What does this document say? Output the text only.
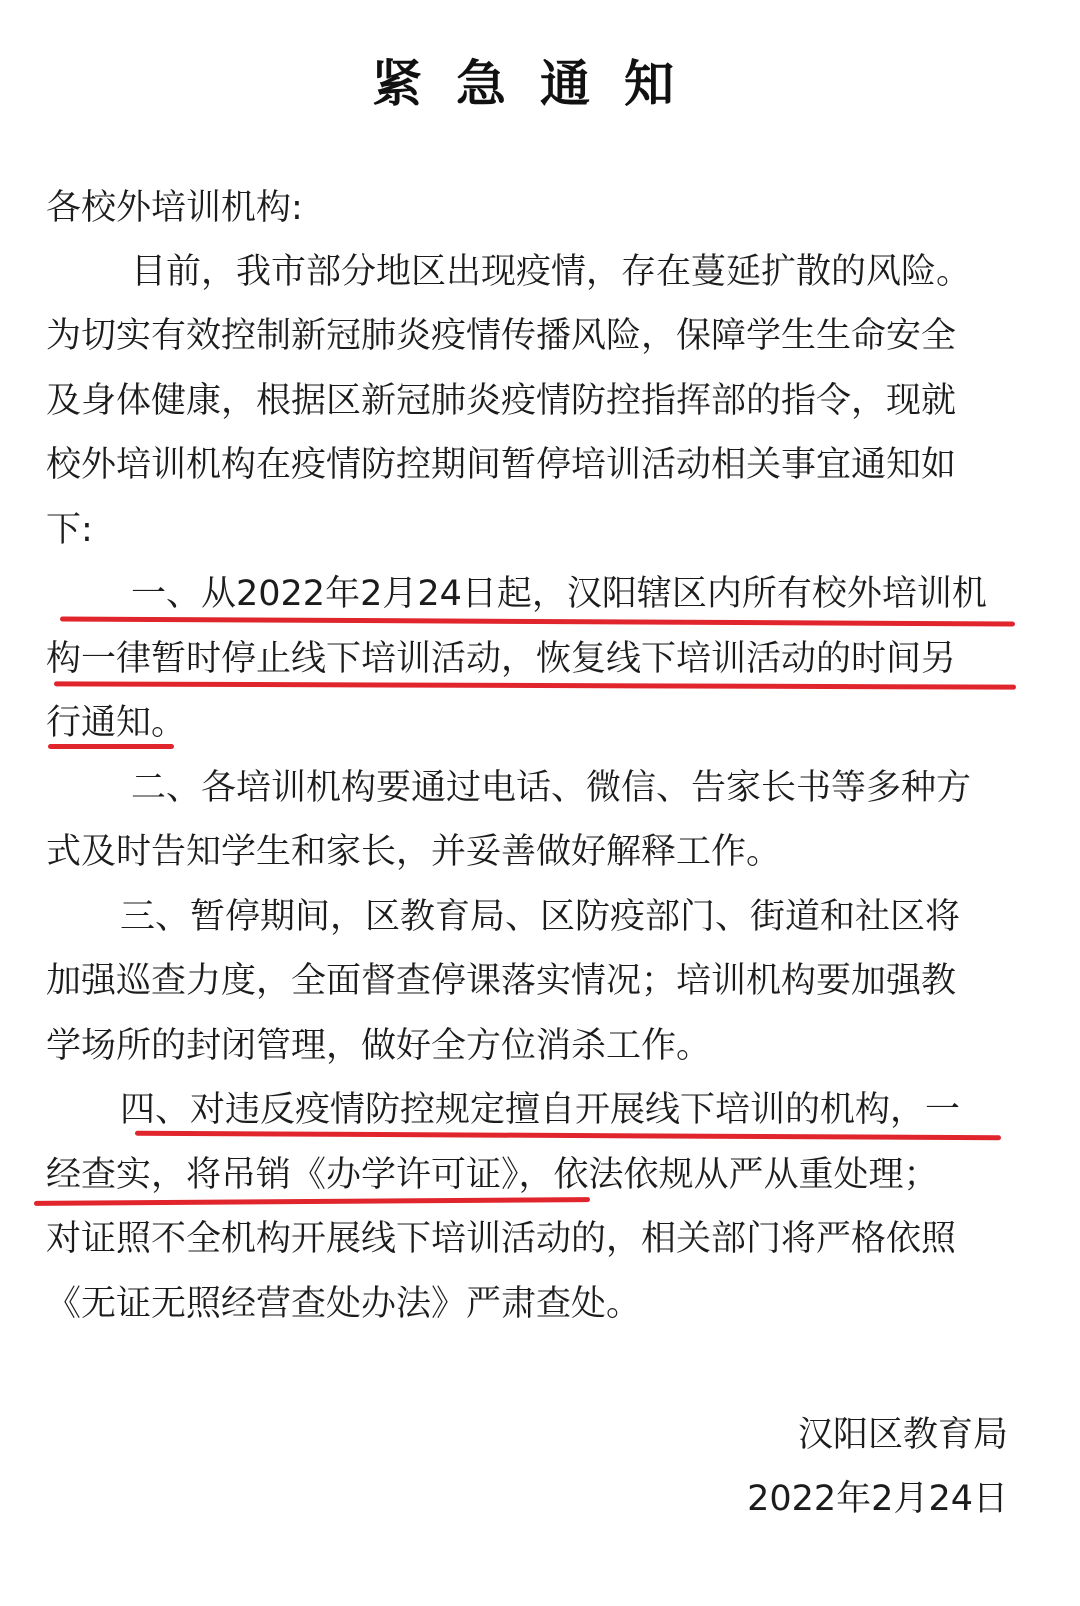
紧急通知
各校外培训机构:
目前，我市部分地区出现疫情，存在蔓延扩散的风险。
为切实有效控制新冠肺炎疫情传播风险，保障学生生命安全
及身体健康，根据区新冠肺炎疫情防控指挥部的指令，现就
校外培训机构在疫情防控期间暂停培训活动相关事宜通知如
下:
一、从2022年2月24日起，汉阳辖区内所有校外培训机
构一律暂时停止线下培训活动，恢复线下培训活动的时间另
行通知。
二、各培训机构要通过电话、微信、告家长书等多种方
式及时告知学生和家长，并妥善做好解释工作。
三、暂停期间，区教育局、区防疫部门、街道和社区将
加强巡查力度，全面督查停课落实情况；培训机构要加强教
学场所的封闭管理，做好全方位消杀工作。
四、对违反疫情防控规定擅自开展线下培训的机构，一
经查实，将吊销《办学许可证》，依法依规从严从重处理；
对证照不全机构开展线下培训活动的，相关部门将严格依照
《无证无照经营查处办法》严肃查处。
汉阳区教育局
2022年2月24日
